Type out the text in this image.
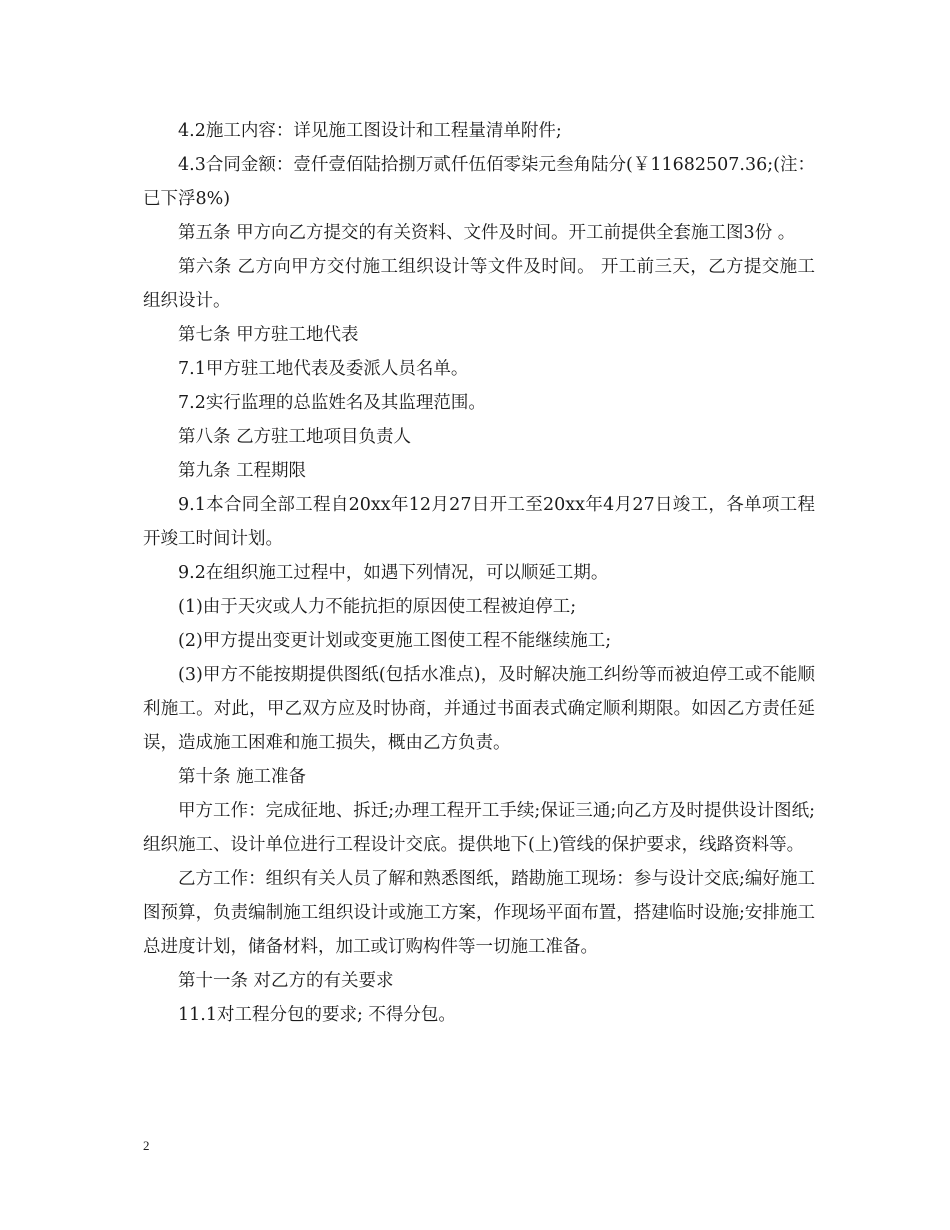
4.2施工内容：详见施工图设计和工程量清单附件;

4.3合同金额：壹仟壹佰陆拾捌万贰仟伍佰零柒元叁角陆分(￥11682507.36;(注：已下浮8%)

第五条 甲方向乙方提交的有关资料、文件及时间。开工前提供全套施工图3份 。

第六条 乙方向甲方交付施工组织设计等文件及时间。 开工前三天，乙方提交施工组织设计。

第七条 甲方驻工地代表

7.1甲方驻工地代表及委派人员名单。

7.2实行监理的总监姓名及其监理范围。

第八条 乙方驻工地项目负责人

第九条 工程期限

9.1本合同全部工程自20xx年12月27日开工至20xx年4月27日竣工，各单项工程开竣工时间计划。

9.2在组织施工过程中，如遇下列情况，可以顺延工期。

(1)由于天灾或人力不能抗拒的原因使工程被迫停工;

(2)甲方提出变更计划或变更施工图使工程不能继续施工;

(3)甲方不能按期提供图纸(包括水准点)，及时解决施工纠纷等而被迫停工或不能顺利施工。对此，甲乙双方应及时协商，并通过书面表式确定顺利期限。如因乙方责任延误，造成施工困难和施工损失，概由乙方负责。

第十条 施工准备

甲方工作：完成征地、拆迁;办理工程开工手续;保证三通;向乙方及时提供设计图纸;组织施工、设计单位进行工程设计交底。提供地下(上)管线的保护要求，线路资料等。

乙方工作：组织有关人员了解和熟悉图纸，踏勘施工现场：参与设计交底;编好施工图预算，负责编制施工组织设计或施工方案，作现场平面布置，搭建临时设施;安排施工总进度计划，储备材料，加工或订购构件等一切施工准备。

第十一条 对乙方的有关要求

11.1对工程分包的要求; 不得分包。

2
